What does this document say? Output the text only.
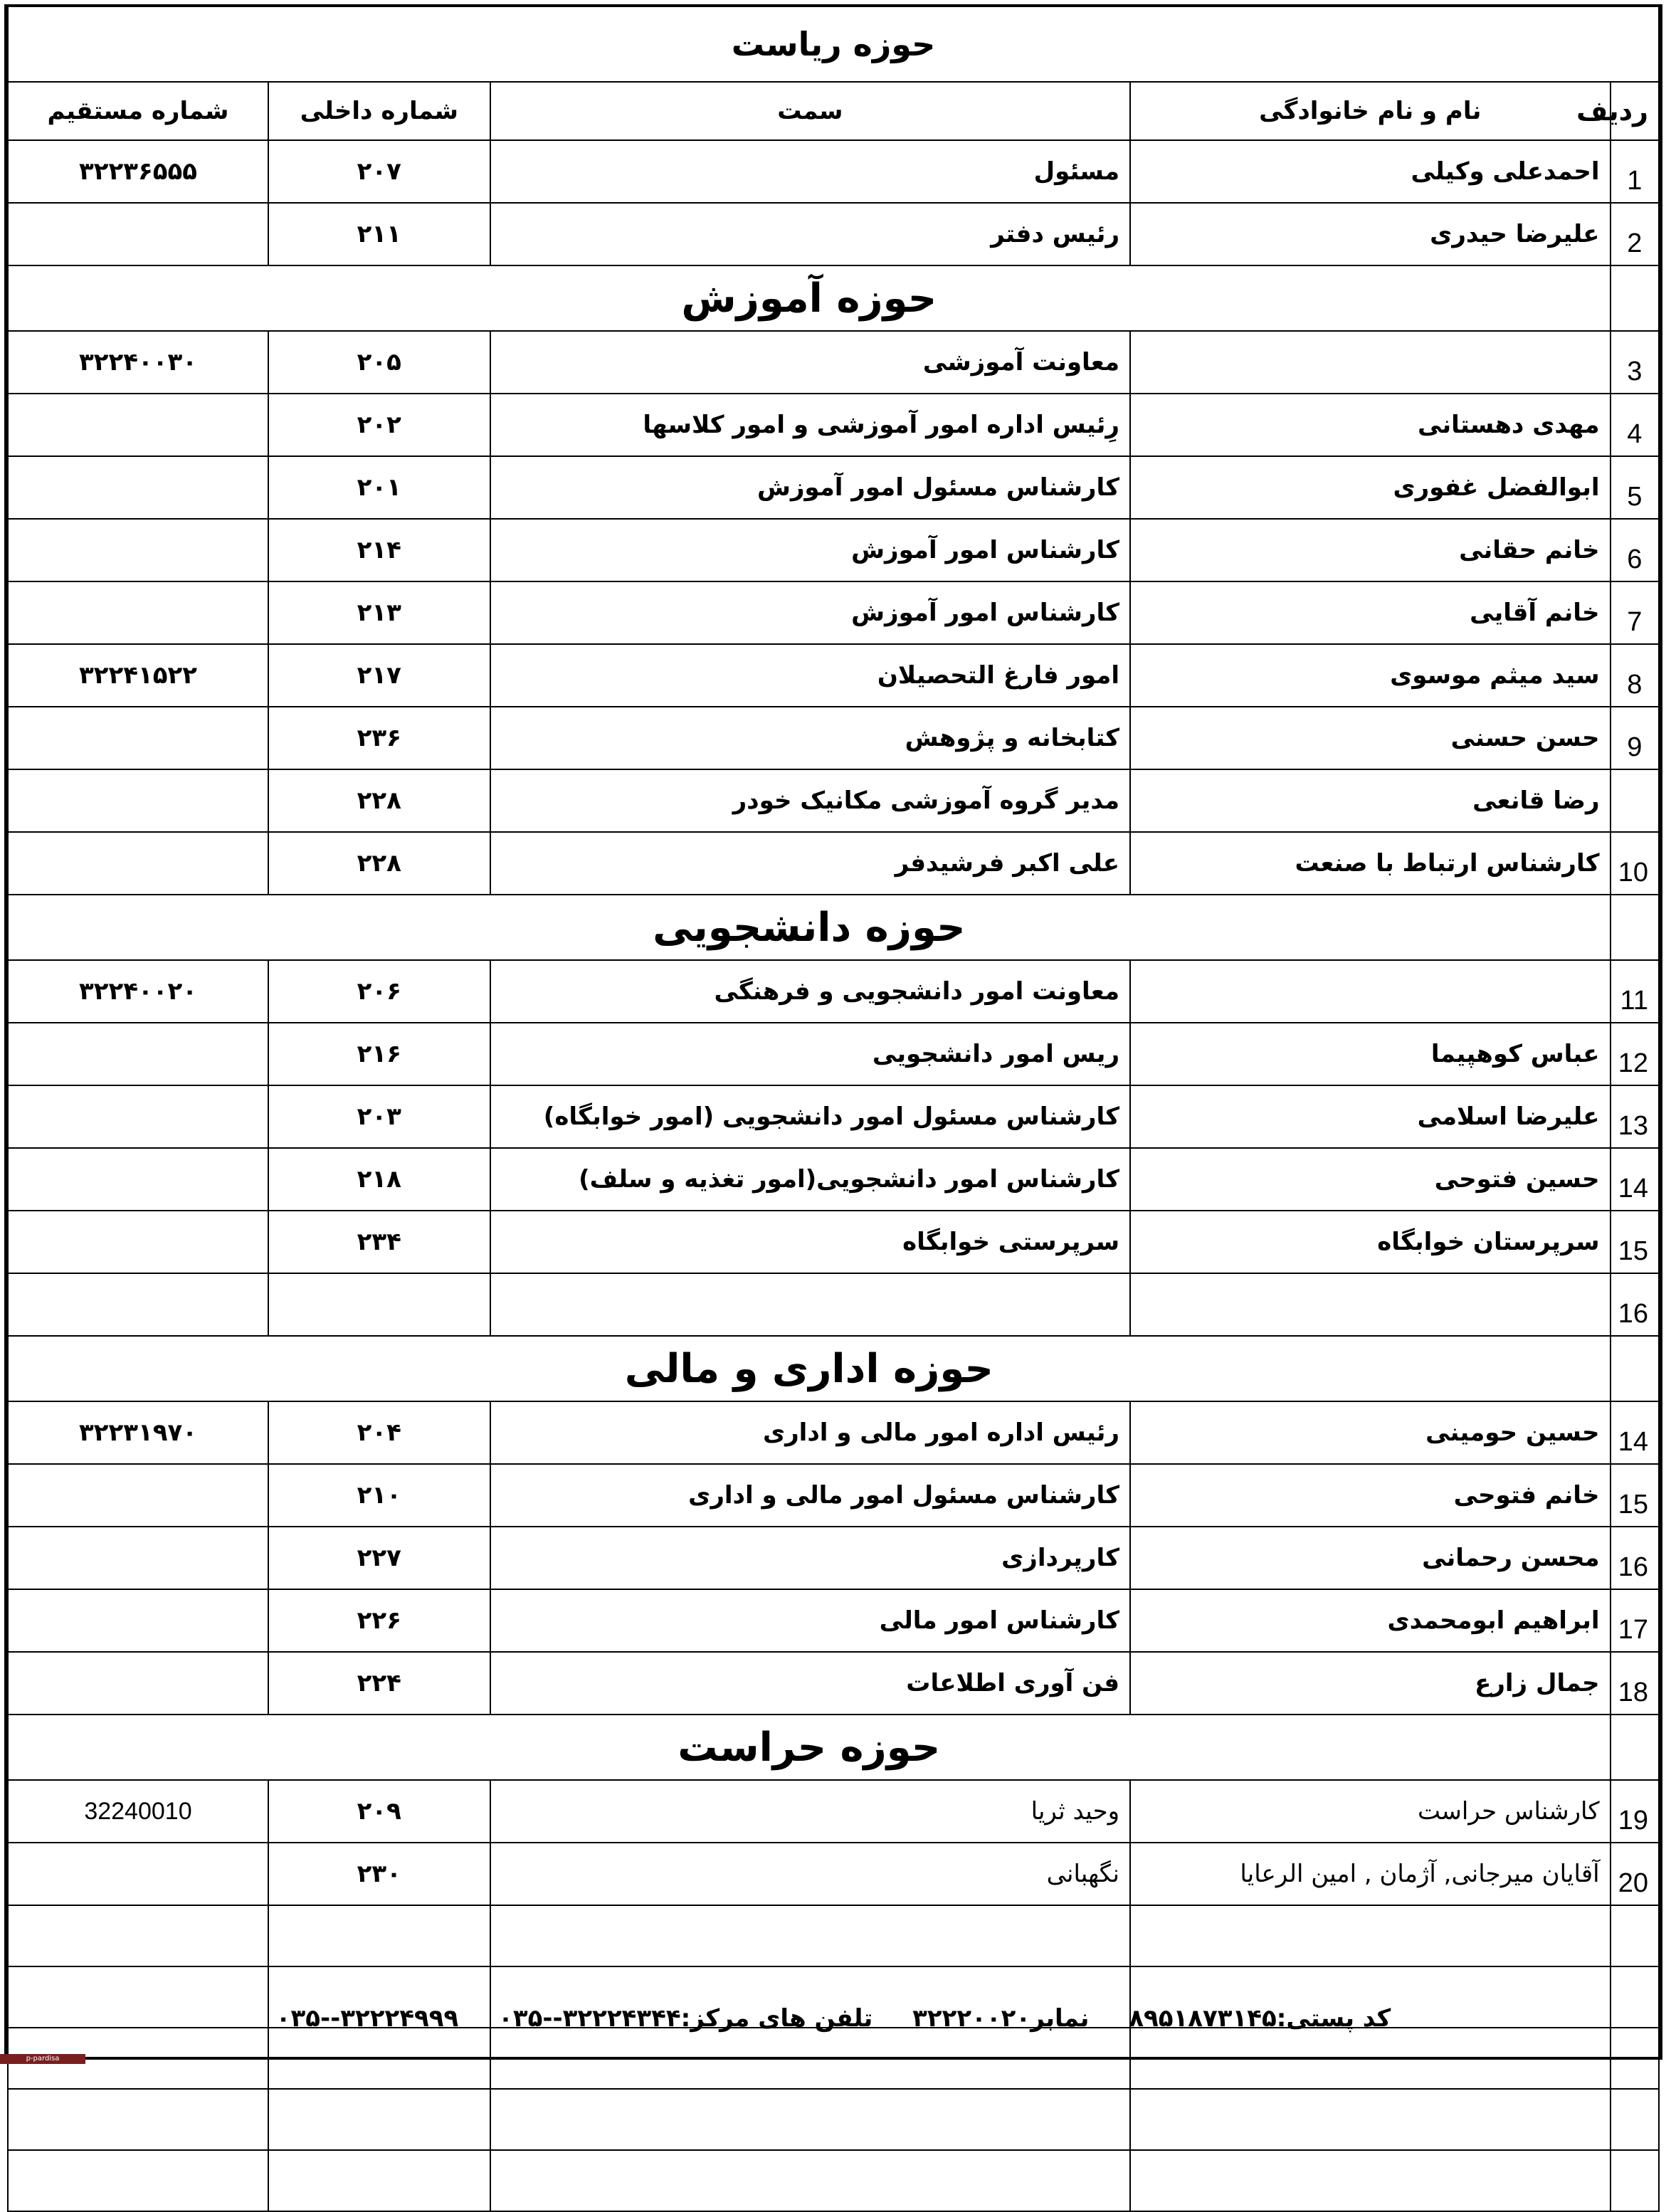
حوزه ریاست				
ردیف	نام و نام خانوادگی	سمت	شماره داخلی	شماره مستقیم
1	احمدعلی وکیلی	مسئول	۲۰۷	۳۲۲۳۶۵۵۵
2	علیرضا حیدری	رئیس دفتر	۲۱۱	
	حوزه آموزش			
3		معاونت آموزشی	۲۰۵	۳۲۲۴۰۰۳۰
4	مهدی دهستانی	رِئیس اداره امور آموزشی و امور کلاسها	۲۰۲	
5	ابوالفضل غفوری	کارشناس مسئول امور آموزش	۲۰۱	
6	خانم حقانی	کارشناس امور آموزش	۲۱۴	
7	خانم آقایی	کارشناس امور آموزش	۲۱۳	
8	سید میثم موسوی	امور فارغ التحصیلان	۲۱۷	۳۲۲۴۱۵۲۲
9	حسن حسنی	کتابخانه و پژوهش	۲۳۶	
	رضا قانعی	مدیر گروه آموزشی مکانیک خودر	۲۲۸	
10	کارشناس ارتباط با صنعت	علی اکبر فرشیدفر	۲۲۸	
	حوزه دانشجویی			
11		معاونت امور دانشجویی و فرهنگی	۲۰۶	۳۲۲۴۰۰۲۰
12	عباس کوهپیما	ریس امور دانشجویی	۲۱۶	
13	علیرضا اسلامی	کارشناس مسئول امور دانشجویی (امور خوابگاه)	۲۰۳	
14	حسین فتوحی	کارشناس امور دانشجویی(امور تغذیه و سلف)	۲۱۸	
15	سرپرستان خوابگاه	سرپرستی خوابگاه	۲۳۴	
16				
	حوزه اداری و مالی			
14	حسین حومینی	رئیس اداره امور مالی و اداری	۲۰۴	۳۲۲۳۱۹۷۰
15	خانم فتوحی	کارشناس مسئول امور مالی و اداری	۲۱۰	
16	محسن رحمانی	کارپردازی	۲۲۷	
17	ابراهیم ابومحمدی	کارشناس امور مالی	۲۲۶	
18	جمال زارع	فن آوری اطلاعات	۲۲۴	
	حوزه حراست			
19	کارشناس حراست	وحید ثریا	۲۰۹	32240010
20	آقایان میرجانی, آژمان , امین الرعایا	نگهبانی	۲۳۰	

کد پستی:۸۹۵۱۸۷۳۱۴۵ نمابر۳۲۲۲۰۰۲۰ تلفن های مرکز:۳۲۲۲۴۳۴۴--۰۳۵ ۳۲۲۲۴۹۹۹--۰۳۵
p-pardisa
